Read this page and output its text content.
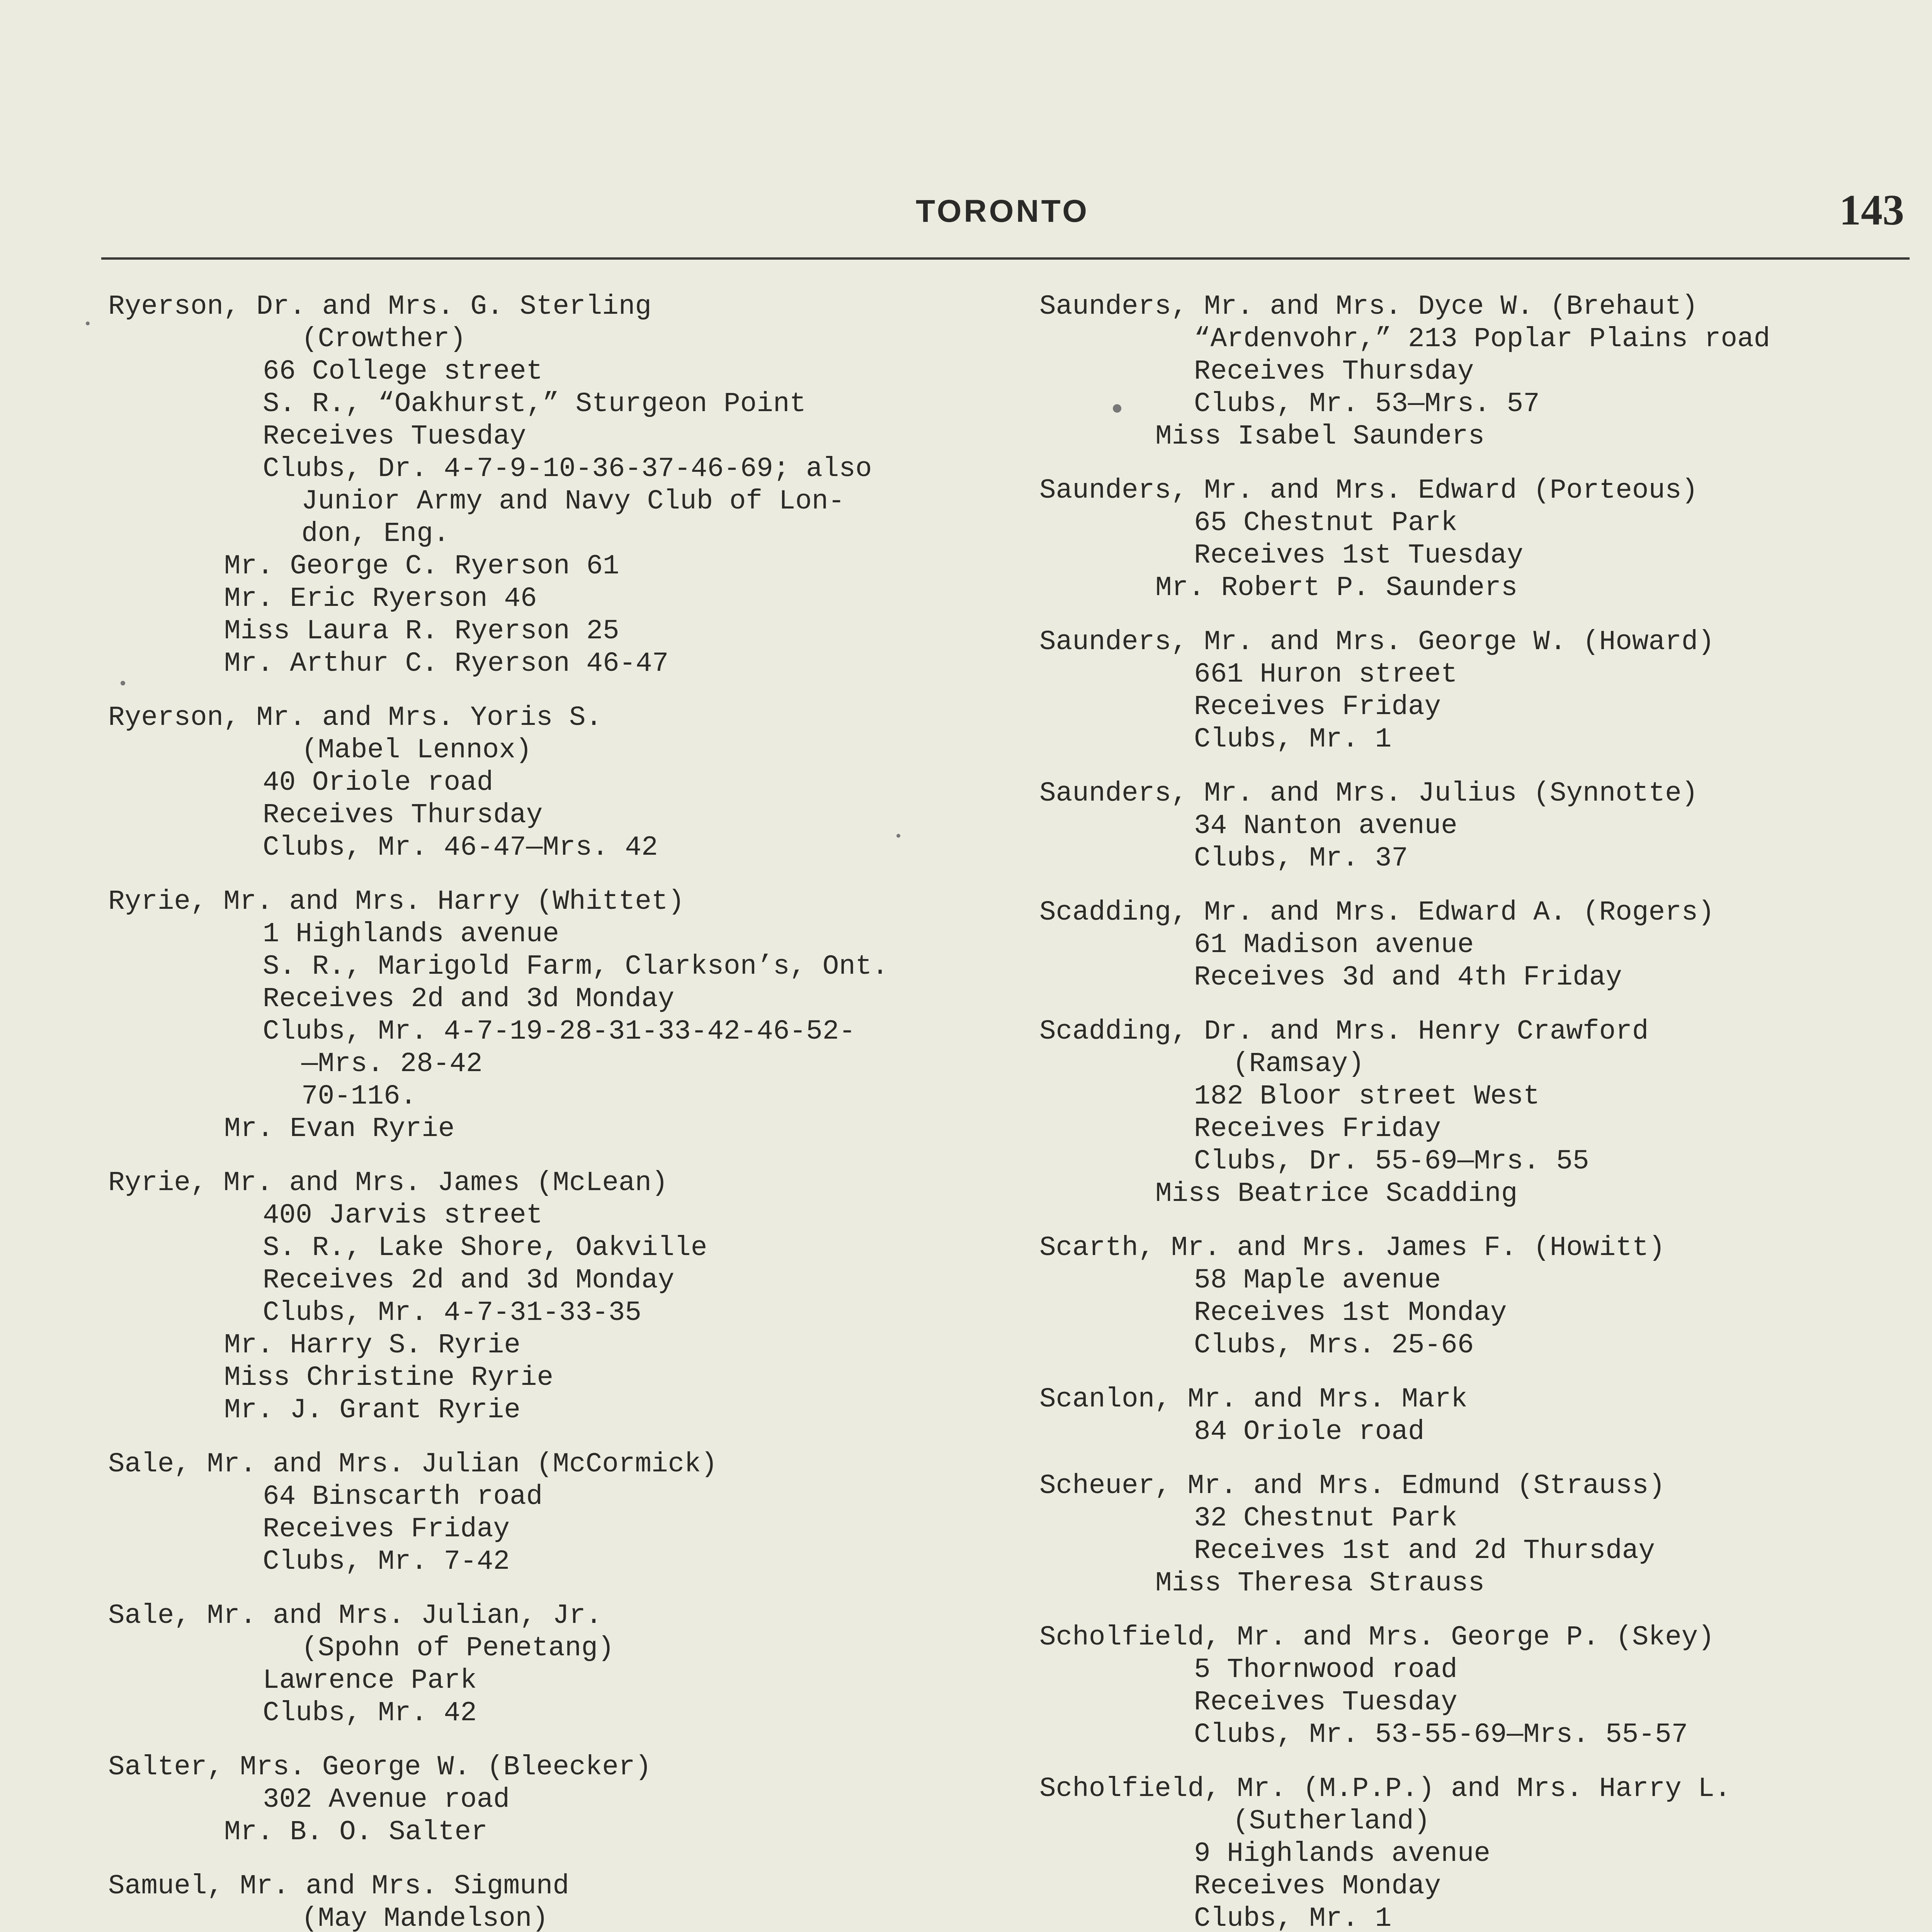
TORONTO	143
Ryerson, Dr. and Mrs. G. Sterling
(Crowther)
66 College street
S. R., “Oakhurst,” Sturgeon Point
Receives Tuesday
Clubs, Dr. 4-7-9-10-36-37-46-69; also
Junior Army and Navy Club of Lon-
don, Eng.
Mr. George C. Ryerson 61
Mr. Eric Ryerson 46
Miss Laura R. Ryerson 25
Mr. Arthur C. Ryerson 46-47
Ryerson, Mr. and Mrs. Yoris S.
(Mabel Lennox)
40 Oriole road
Receives Thursday
Clubs, Mr. 46-47—Mrs. 42
Ryrie, Mr. and Mrs. Harry (Whittet)
1 Highlands avenue
S. R., Marigold Farm, Clarkson’s, Ont.
Receives 2d and 3d Monday
Clubs, Mr. 4-7-19-28-31-33-42-46-52-
—Mrs. 28-42
70-116.
Mr. Evan Ryrie
Ryrie, Mr. and Mrs. James (McLean)
400 Jarvis street
S. R., Lake Shore, Oakville
Receives 2d and 3d Monday
Clubs, Mr. 4-7-31-33-35
Mr. Harry S. Ryrie
Miss Christine Ryrie
Mr. J. Grant Ryrie
Sale, Mr. and Mrs. Julian (McCormick)
64 Binscarth road
Receives Friday
Clubs, Mr. 7-42
Sale, Mr. and Mrs. Julian, Jr.
(Spohn of Penetang)
Lawrence Park
Clubs, Mr. 42
Salter, Mrs. George W. (Bleecker)
302 Avenue road
Mr. B. O. Salter
Samuel, Mr. and Mrs. Sigmund
(May Mandelson)
Saunders, Mr. and Mrs. Dyce W. (Brehaut)
“Ardenvohr,” 213 Poplar Plains road
Receives Thursday
Clubs, Mr. 53—Mrs. 57
Miss Isabel Saunders
Saunders, Mr. and Mrs. Edward (Porteous)
65 Chestnut Park
Receives 1st Tuesday
Mr. Robert P. Saunders
Saunders, Mr. and Mrs. George W. (Howard)
661 Huron street
Receives Friday
Clubs, Mr. 1
Saunders, Mr. and Mrs. Julius (Synnotte)
34 Nanton avenue
Clubs, Mr. 37
Scadding, Mr. and Mrs. Edward A. (Rogers)
61 Madison avenue
Receives 3d and 4th Friday
Scadding, Dr. and Mrs. Henry Crawford
(Ramsay)
182 Bloor street West
Receives Friday
Clubs, Dr. 55-69—Mrs. 55
Miss Beatrice Scadding
Scarth, Mr. and Mrs. James F. (Howitt)
58 Maple avenue
Receives 1st Monday
Clubs, Mrs. 25-66
Scanlon, Mr. and Mrs. Mark
84 Oriole road
Scheuer, Mr. and Mrs. Edmund (Strauss)
32 Chestnut Park
Receives 1st and 2d Thursday
Miss Theresa Strauss
Scholfield, Mr. and Mrs. George P. (Skey)
5 Thornwood road
Receives Tuesday
Clubs, Mr. 53-55-69—Mrs. 55-57
Scholfield, Mr. (M.P.P.) and Mrs. Harry L.
(Sutherland)
9 Highlands avenue
Receives Monday
Clubs, Mr. 1
